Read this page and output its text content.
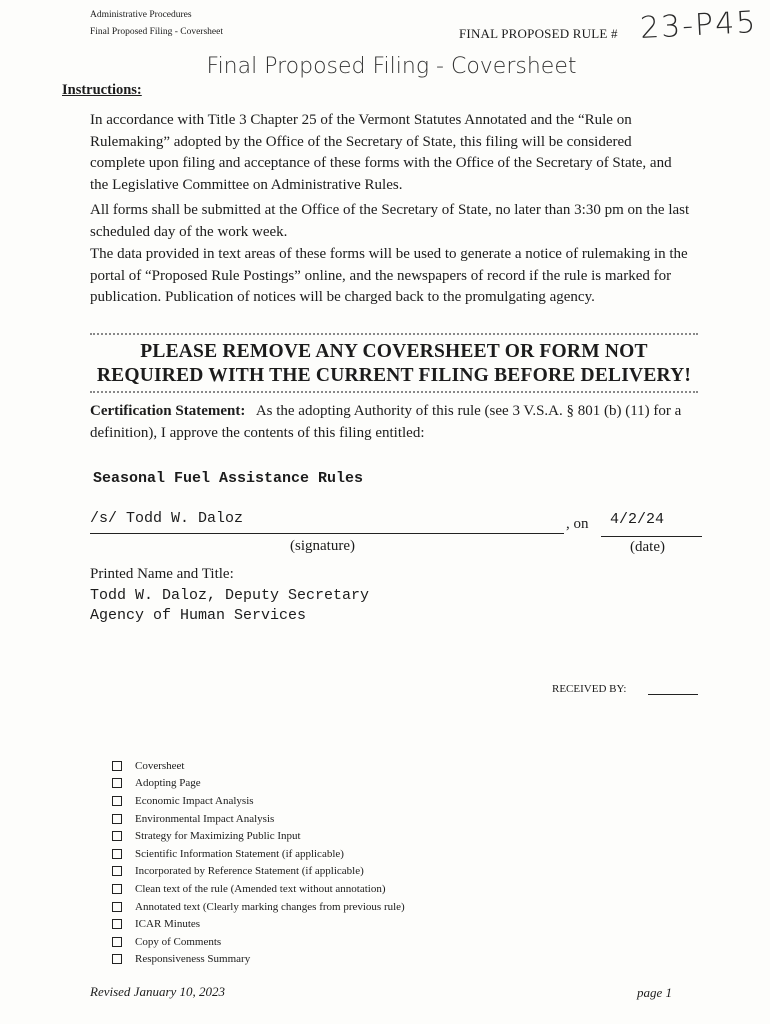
Administrative Procedures
Final Proposed Filing - Coversheet	FINAL PROPOSED RULE # 23-P45
Final Proposed Filing - Coversheet
Instructions:
In accordance with Title 3 Chapter 25 of the Vermont Statutes Annotated and the “Rule on Rulemaking” adopted by the Office of the Secretary of State, this filing will be considered complete upon filing and acceptance of these forms with the Office of the Secretary of State, and the Legislative Committee on Administrative Rules.
All forms shall be submitted at the Office of the Secretary of State, no later than 3:30 pm on the last scheduled day of the work week.
The data provided in text areas of these forms will be used to generate a notice of rulemaking in the portal of “Proposed Rule Postings” online, and the newspapers of record if the rule is marked for publication. Publication of notices will be charged back to the promulgating agency.
PLEASE REMOVE ANY COVERSHEET OR FORM NOT
REQUIRED WITH THE CURRENT FILING BEFORE DELIVERY!
Certification Statement: As the adopting Authority of this rule (see 3 V.S.A. § 801 (b) (11) for a definition), I approve the contents of this filing entitled:
Seasonal Fuel Assistance Rules
/s/ Todd W. Daloz	, on 4/2/24
(signature)	(date)
Printed Name and Title:
Todd W. Daloz, Deputy Secretary
Agency of Human Services
RECEIVED BY:
Coversheet
Adopting Page
Economic Impact Analysis
Environmental Impact Analysis
Strategy for Maximizing Public Input
Scientific Information Statement (if applicable)
Incorporated by Reference Statement (if applicable)
Clean text of the rule (Amended text without annotation)
Annotated text (Clearly marking changes from previous rule)
ICAR Minutes
Copy of Comments
Responsiveness Summary
Revised January 10, 2023	page 1
